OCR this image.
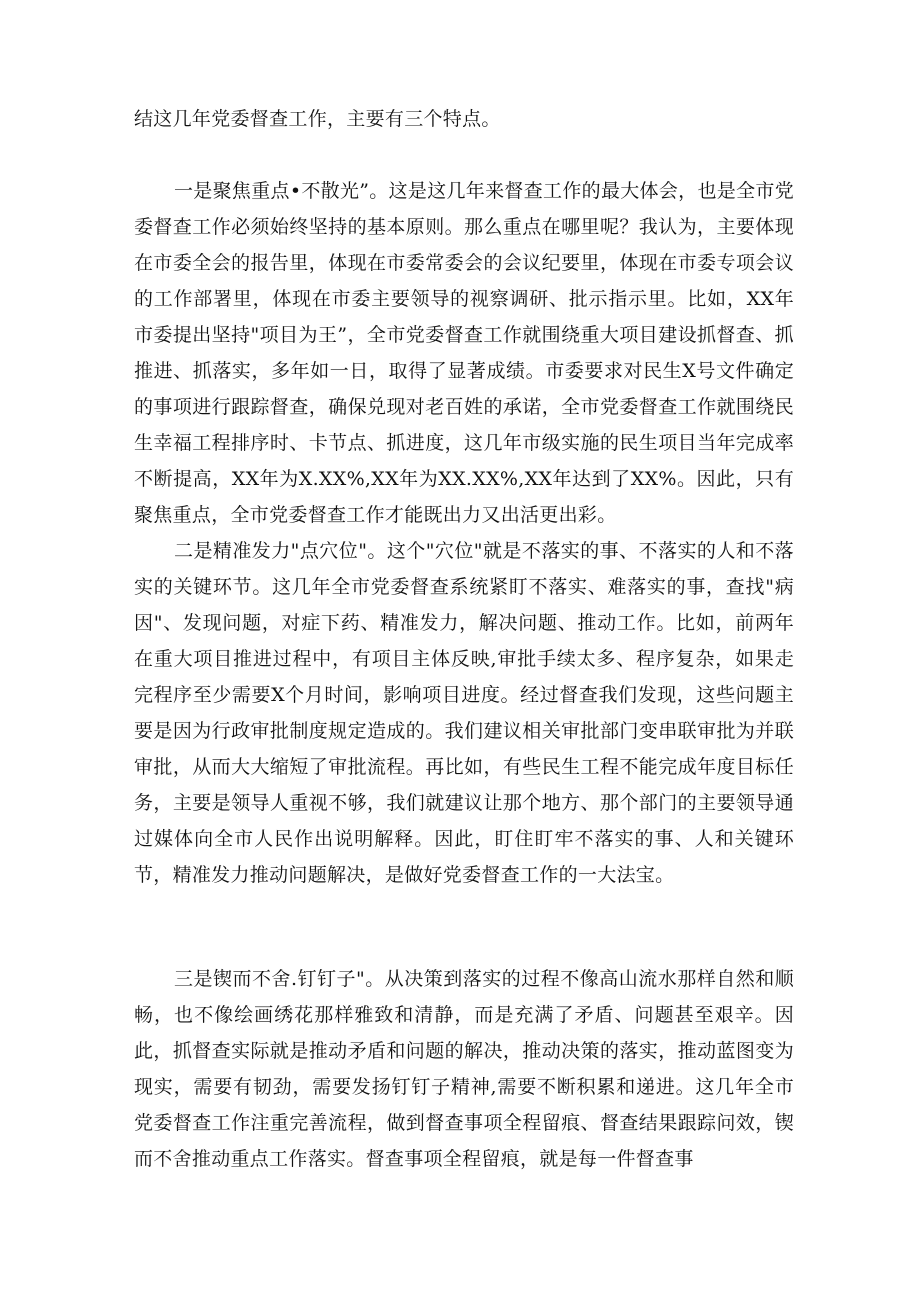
结这几年党委督查工作，主要有三个特点。

一是聚焦重点•不散光”。这是这几年来督查工作的最大体会，也是全市党委督查工作必须始终坚持的基本原则。那么重点在哪里呢？我认为，主要体现在市委全会的报告里，体现在市委常委会的会议纪要里，体现在市委专项会议的工作部署里，体现在市委主要领导的视察调研、批示指示里。比如，XX年市委提出坚持"项目为王”，全市党委督查工作就围绕重大项目建设抓督查、抓推进、抓落实，多年如一日，取得了显著成绩。市委要求对民生X号文件确定的事项进行跟踪督查，确保兑现对老百姓的承诺，全市党委督查工作就围绕民生幸福工程排序时、卡节点、抓进度，这几年市级实施的民生项目当年完成率不断提高，XX年为X.XX%,XX年为XX.XX%,XX年达到了XX%。因此，只有聚焦重点，全市党委督查工作才能既出力又出活更出彩。

二是精准发力"点穴位"。这个"穴位"就是不落实的事、不落实的人和不落实的关键环节。这几年全市党委督查系统紧盯不落实、难落实的事，查找"病因"、发现问题，对症下药、精准发力，解决问题、推动工作。比如，前两年在重大项目推进过程中，有项目主体反映,审批手续太多、程序复杂，如果走完程序至少需要X个月时间，影响项目进度。经过督查我们发现，这些问题主要是因为行政审批制度规定造成的。我们建议相关审批部门变串联审批为并联审批，从而大大缩短了审批流程。再比如，有些民生工程不能完成年度目标任务，主要是领导人重视不够，我们就建议让那个地方、那个部门的主要领导通过媒体向全市人民作出说明解释。因此，盯住盯牢不落实的事、人和关键环节，精准发力推动问题解决，是做好党委督查工作的一大法宝。

三是锲而不舍.钉钉子"。从决策到落实的过程不像高山流水那样自然和顺畅，也不像绘画绣花那样雅致和清静，而是充满了矛盾、问题甚至艰辛。因此，抓督查实际就是推动矛盾和问题的解决，推动决策的落实，推动蓝图变为现实，需要有韧劲，需要发扬钉钉子精神,需要不断积累和递进。这几年全市党委督查工作注重完善流程，做到督查事项全程留痕、督查结果跟踪问效，锲而不舍推动重点工作落实。督查事项全程留痕，就是每一件督查事
